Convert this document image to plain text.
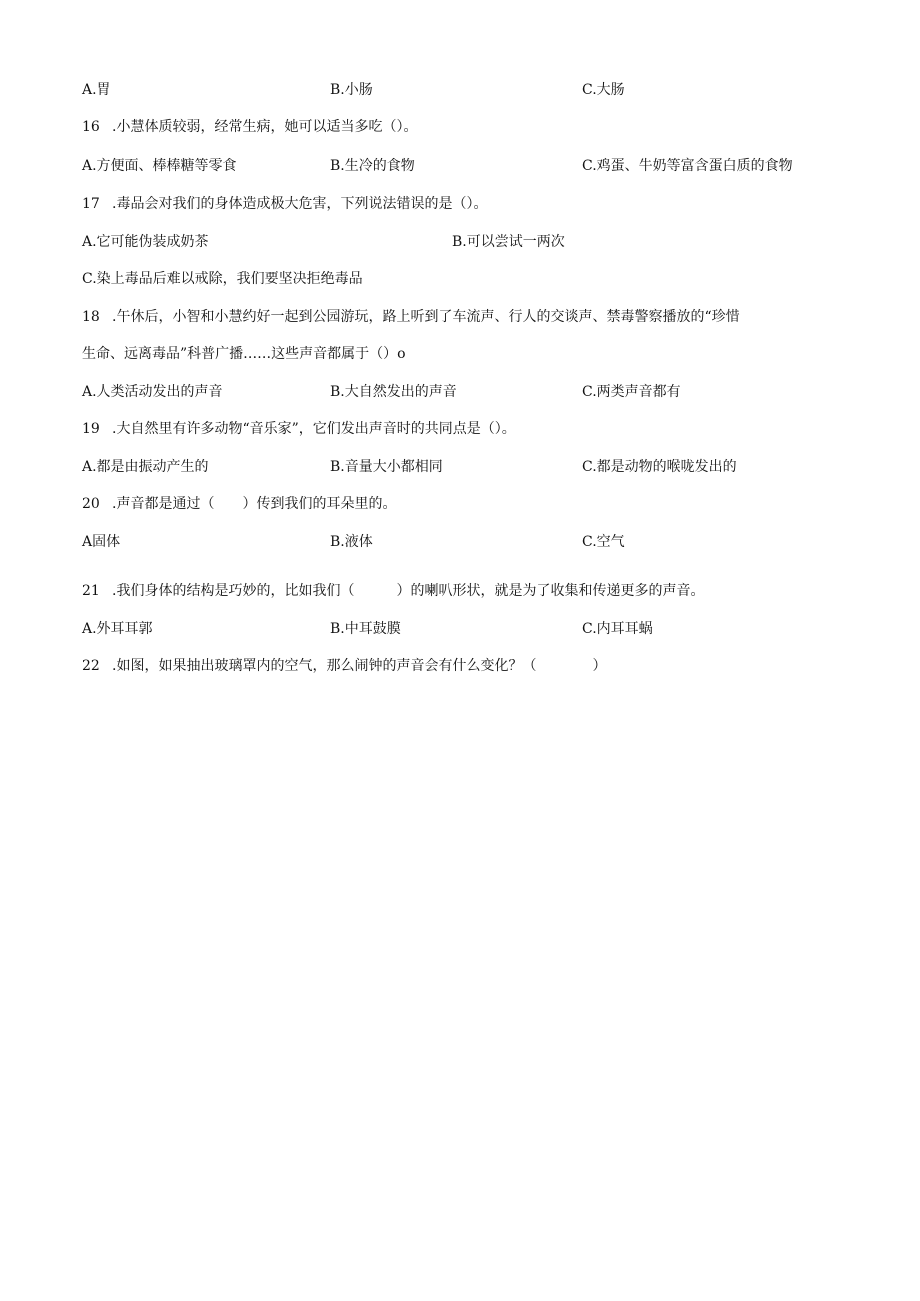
A.胃	B.小肠	C.大肠
16 .小慧体质较弱，经常生病，她可以适当多吃（）。
A.方便面、棒棒糖等零食	B.生冷的食物	C.鸡蛋、牛奶等富含蛋白质的食物
17 .毒品会对我们的身体造成极大危害，下列说法错误的是（）。
A.它可能伪装成奶茶	B.可以尝试一两次
C.染上毒品后难以戒除，我们要坚决拒绝毒品
18 .午休后，小智和小慧约好一起到公园游玩，路上听到了车流声、行人的交谈声、禁毒警察播放的“珍惜
生命、远离毒品”科普广播……这些声音都属于（）o
A.人类活动发出的声音	B.大自然发出的声音	C.两类声音都有
19 .大自然里有许多动物“音乐家”，它们发出声音时的共同点是（）。
A.都是由振动产生的	B.音量大小都相同	C.都是动物的喉咙发出的
20 .声音都是通过（　　）传到我们的耳朵里的。
A固体	B.液体	C.空气
21 .我们身体的结构是巧妙的，比如我们（　　　）的喇叭形状，就是为了收集和传递更多的声音。
A.外耳耳郭	B.中耳鼓膜	C.内耳耳蜗
22 .如图，如果抽出玻璃罩内的空气，那么闹钟的声音会有什么变化？（　　　　）
